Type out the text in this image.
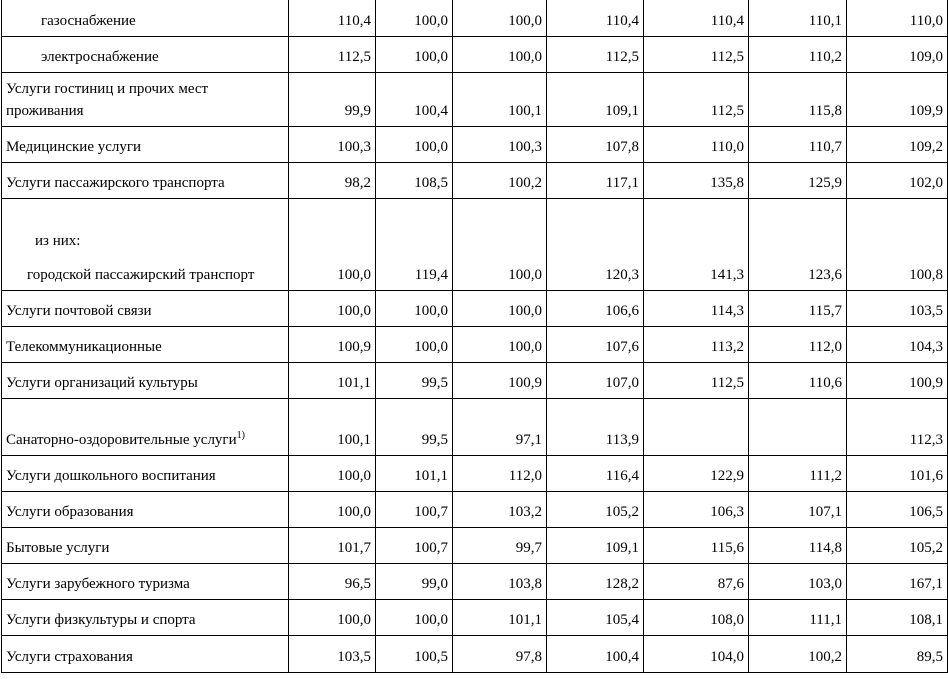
газоснабжение	110,4	100,0	100,0	110,4	110,4	110,1	110,0

электроснабжение	112,5	100,0	100,0	112,5	112,5	110,2	109,0

Услуги гостиниц и прочих мест проживания	99,9	100,4	100,1	109,1	112,5	115,8	109,9

Медицинские услуги	100,3	100,0	100,3	107,8	110,0	110,7	109,2

Услуги пассажирского транспорта	98,2	108,5	100,2	117,1	135,8	125,9	102,0

из них:

городской пассажирский транспорт	100,0	119,4	100,0	120,3	141,3	123,6	100,8

Услуги почтовой связи	100,0	100,0	100,0	106,6	114,3	115,7	103,5

Телекоммуникационные	100,9	100,0	100,0	107,6	113,2	112,0	104,3

Услуги организаций культуры	101,1	99,5	100,9	107,0	112,5	110,6	100,9
Санаторно-оздоровительные услуги$^{1)}$	100,1	99,5	97,1	113,9			112,3

Услуги дошкольного воспитания	100,0	101,1	112,0	116,4	122,9	111,2	101,6

Услуги образования	100,0	100,7	103,2	105,2	106,3	107,1	106,5

Бытовые услуги	101,7	100,7	99,7	109,1	115,6	114,8	105,2

Услуги зарубежного туризма	96,5	99,0	103,8	128,2	87,6	103,0	167,1

Услуги физкультуры и спорта	100,0	100,0	101,1	105,4	108,0	111,1	108,1

Услуги страхования	103,5	100,5	97,8	100,4	104,0	100,2	89,5
